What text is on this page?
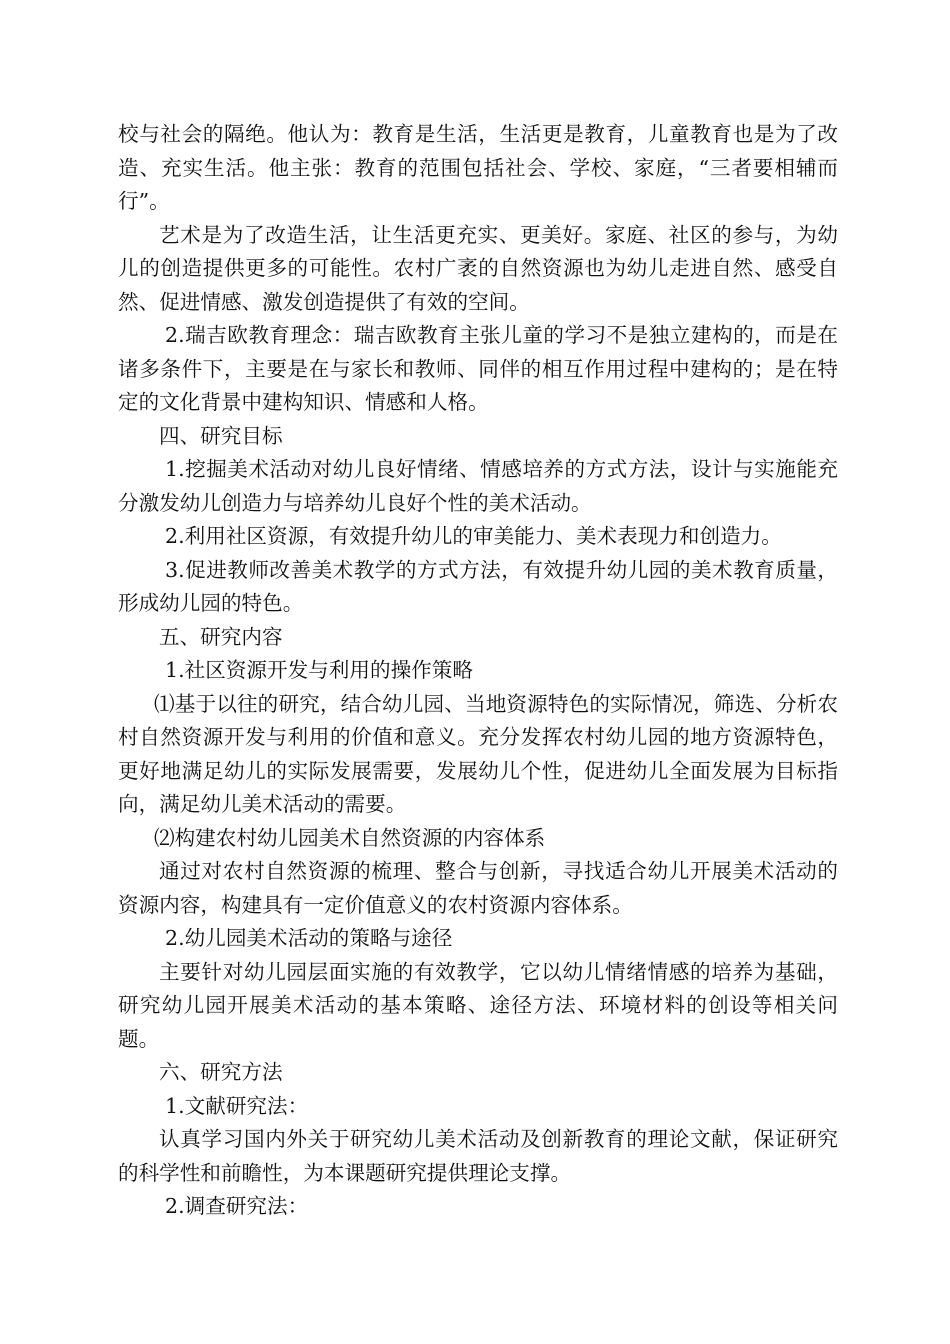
校与社会的隔绝。他认为：教育是生活，生活更是教育，儿童教育也是为了改造、充实生活。他主张：教育的范围包括社会、学校、家庭，“三者要相辅而行”。

艺术是为了改造生活，让生活更充实、更美好。家庭、社区的参与，为幼儿的创造提供更多的可能性。农村广袤的自然资源也为幼儿走进自然、感受自然、促进情感、激发创造提供了有效的空间。

2.瑞吉欧教育理念：瑞吉欧教育主张儿童的学习不是独立建构的，而是在诸多条件下，主要是在与家长和教师、同伴的相互作用过程中建构的；是在特定的文化背景中建构知识、情感和人格。

四、研究目标

1.挖掘美术活动对幼儿良好情绪、情感培养的方式方法，设计与实施能充分激发幼儿创造力与培养幼儿良好个性的美术活动。

2.利用社区资源，有效提升幼儿的审美能力、美术表现力和创造力。

3.促进教师改善美术教学的方式方法，有效提升幼儿园的美术教育质量，形成幼儿园的特色。

五、研究内容

1.社区资源开发与利用的操作策略

⑴基于以往的研究，结合幼儿园、当地资源特色的实际情况，筛选、分析农村自然资源开发与利用的价值和意义。充分发挥农村幼儿园的地方资源特色，更好地满足幼儿的实际发展需要，发展幼儿个性，促进幼儿全面发展为目标指向，满足幼儿美术活动的需要。

⑵构建农村幼儿园美术自然资源的内容体系

通过对农村自然资源的梳理、整合与创新，寻找适合幼儿开展美术活动的资源内容，构建具有一定价值意义的农村资源内容体系。

2.幼儿园美术活动的策略与途径

主要针对幼儿园层面实施的有效教学，它以幼儿情绪情感的培养为基础，研究幼儿园开展美术活动的基本策略、途径方法、环境材料的创设等相关问题。

六、研究方法

1.文献研究法：

认真学习国内外关于研究幼儿美术活动及创新教育的理论文献，保证研究的科学性和前瞻性，为本课题研究提供理论支撑。

2.调查研究法：
